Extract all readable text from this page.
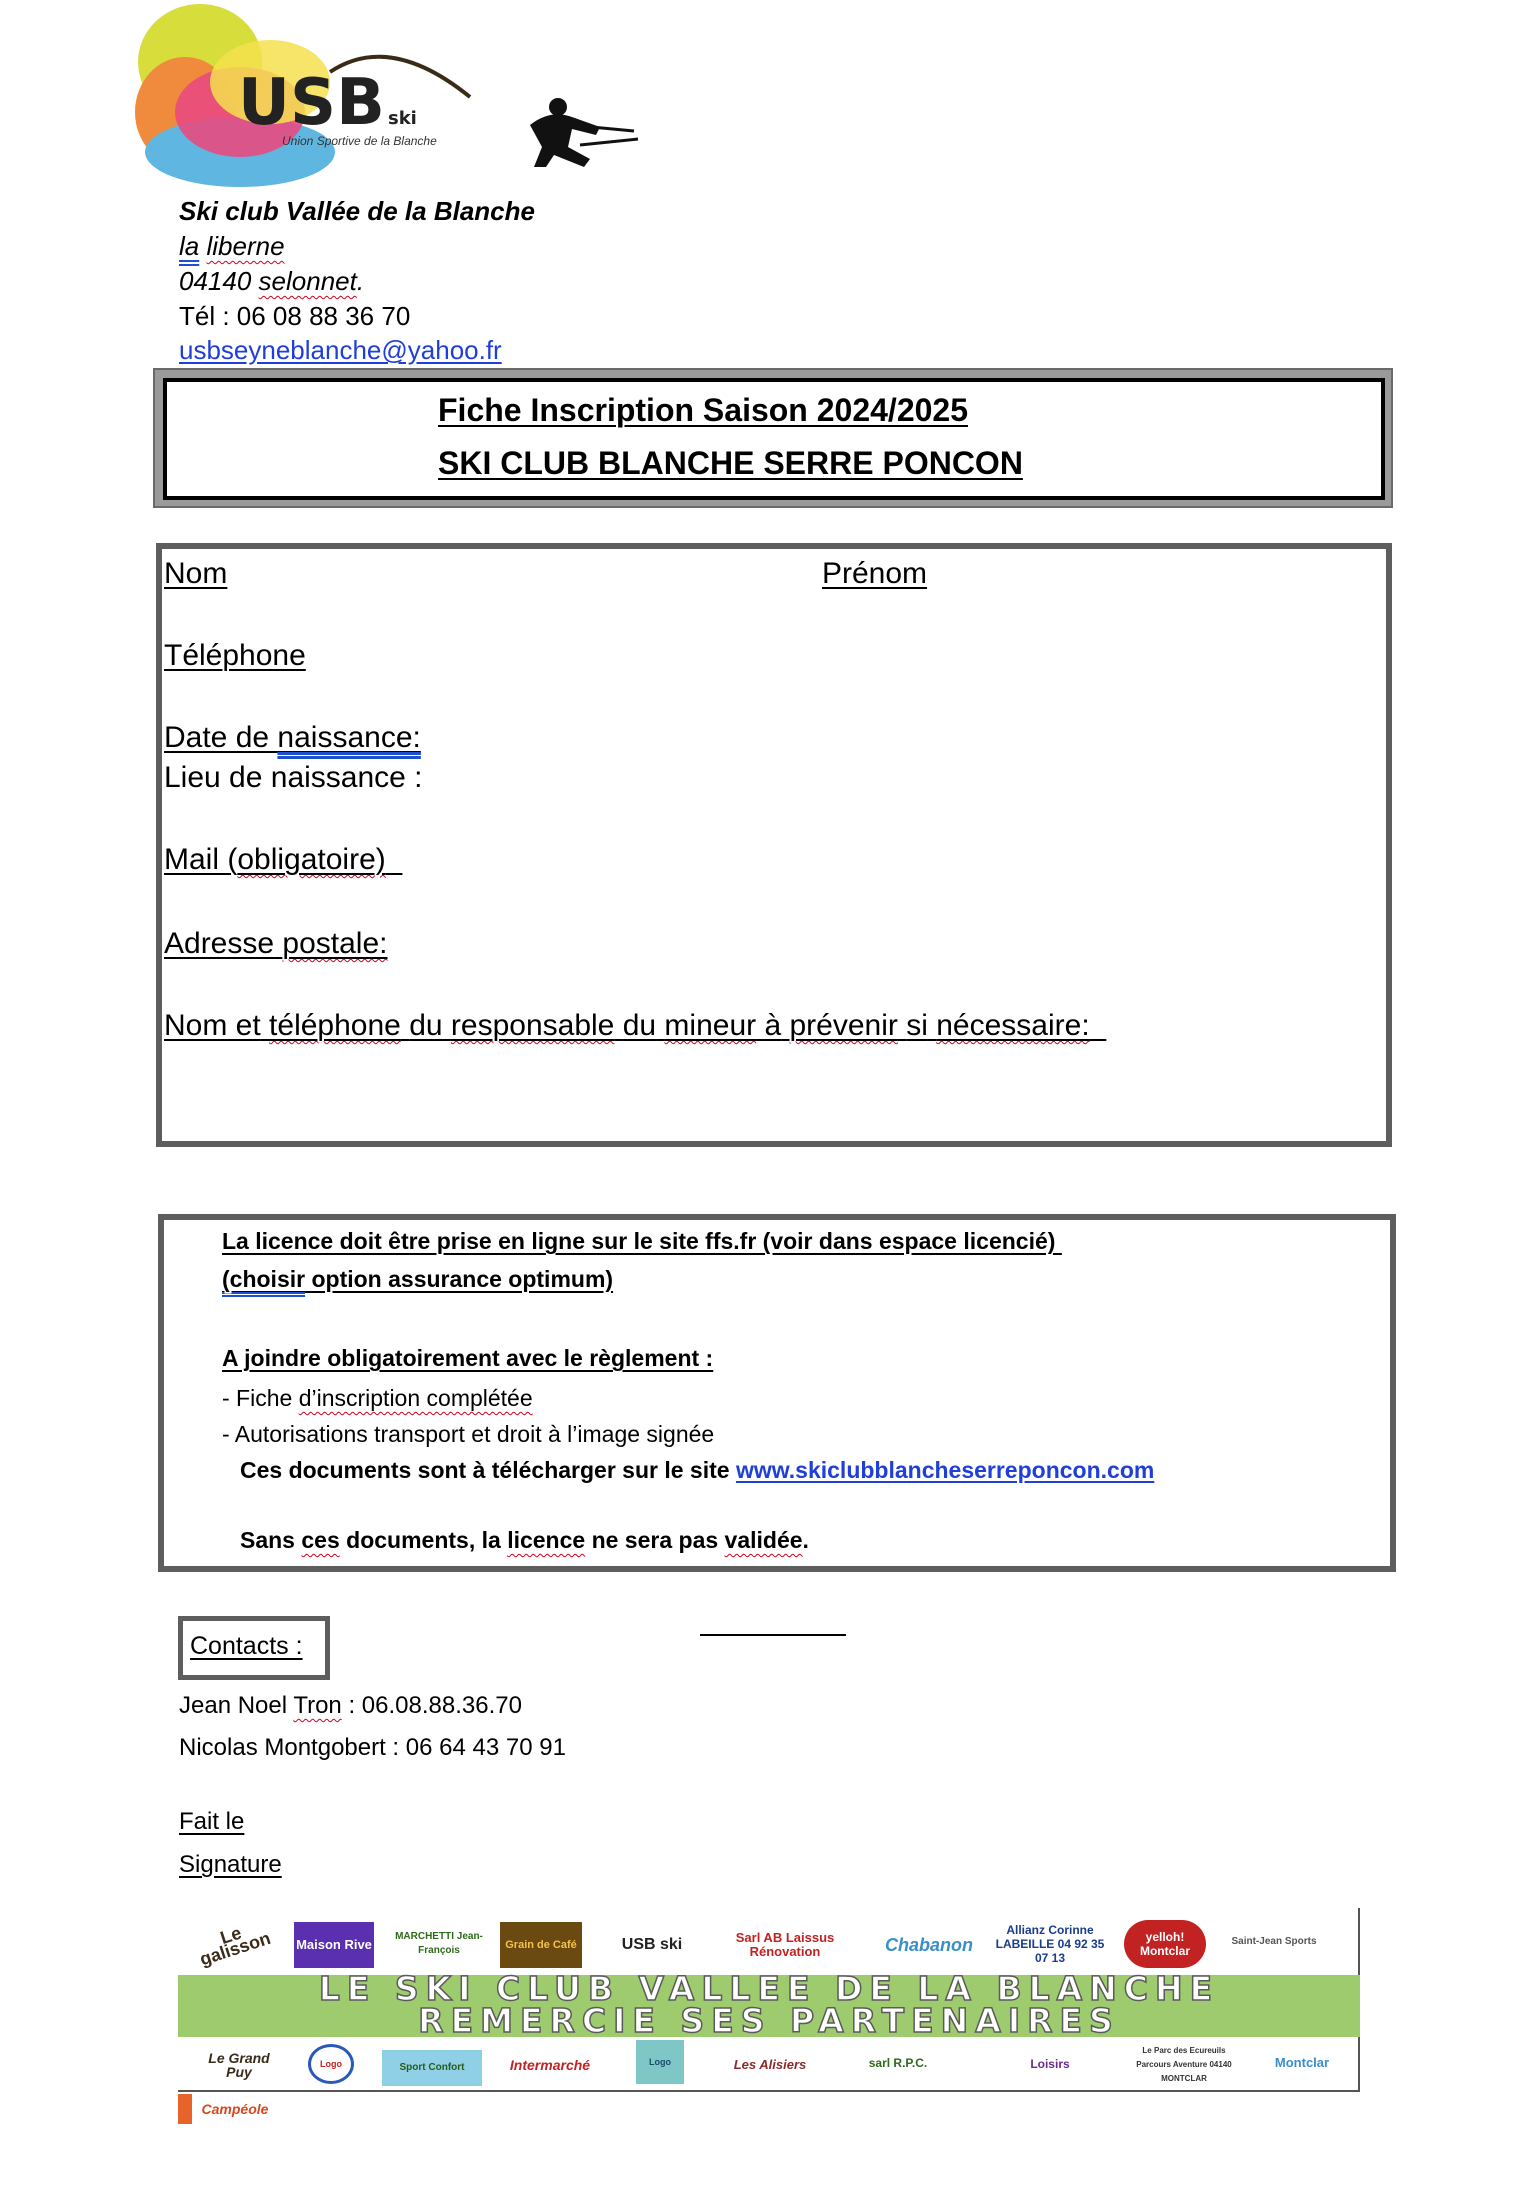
USB ski
Union Sportive de la Blanche
Ski club Vallée de la Blanche
la liberne
04140 selonnet.
Tél : 06 08 88 36 70
usbseyneblanche@yahoo.fr
Fiche Inscription Saison 2024/2025
SKI CLUB BLANCHE SERRE PONCON
Nom	Prénom
Téléphone
Date de naissance:
Lieu de naissance :
Mail (obligatoire)
Adresse postale:
Nom et téléphone du responsable du mineur à prévenir si nécessaire:
La licence doit être prise en ligne sur le site ffs.fr (voir dans espace licencié)
(choisir option assurance optimum)
A joindre obligatoirement avec le règlement :
- Fiche d’inscription complétée
- Autorisations transport et droit à l’image signée
Ces documents sont à télécharger sur le site www.skiclubblancheserreponcon.com
Sans ces documents, la licence ne sera pas validée.
Contacts :
Jean Noel Tron : 06.08.88.36.70
Nicolas Montgobert : 06 64 43 70 91
Fait le
Signature
LE SKI CLUB VALLEE DE LA BLANCHE
REMERCIE SES PARTENAIRES
Le galisson	Maison Rive
MARCHETTI Jean-François	Grain de Café	USB ski	Sarl AB Laissus Rénovation	Chabanon
Allianz Corinne LABEILLE 04 92 35 07 13
yelloh! Montclar
Saint-Jean Sports
Le Grand Puy	Logo	Sport Confort	Intermarché	Logo	Les Alisiers	sarl R.P.C.	Loisirs
Le Parc des Ecureuils Parcours Aventure 04140 MONTCLAR
Montclar
Campéole
